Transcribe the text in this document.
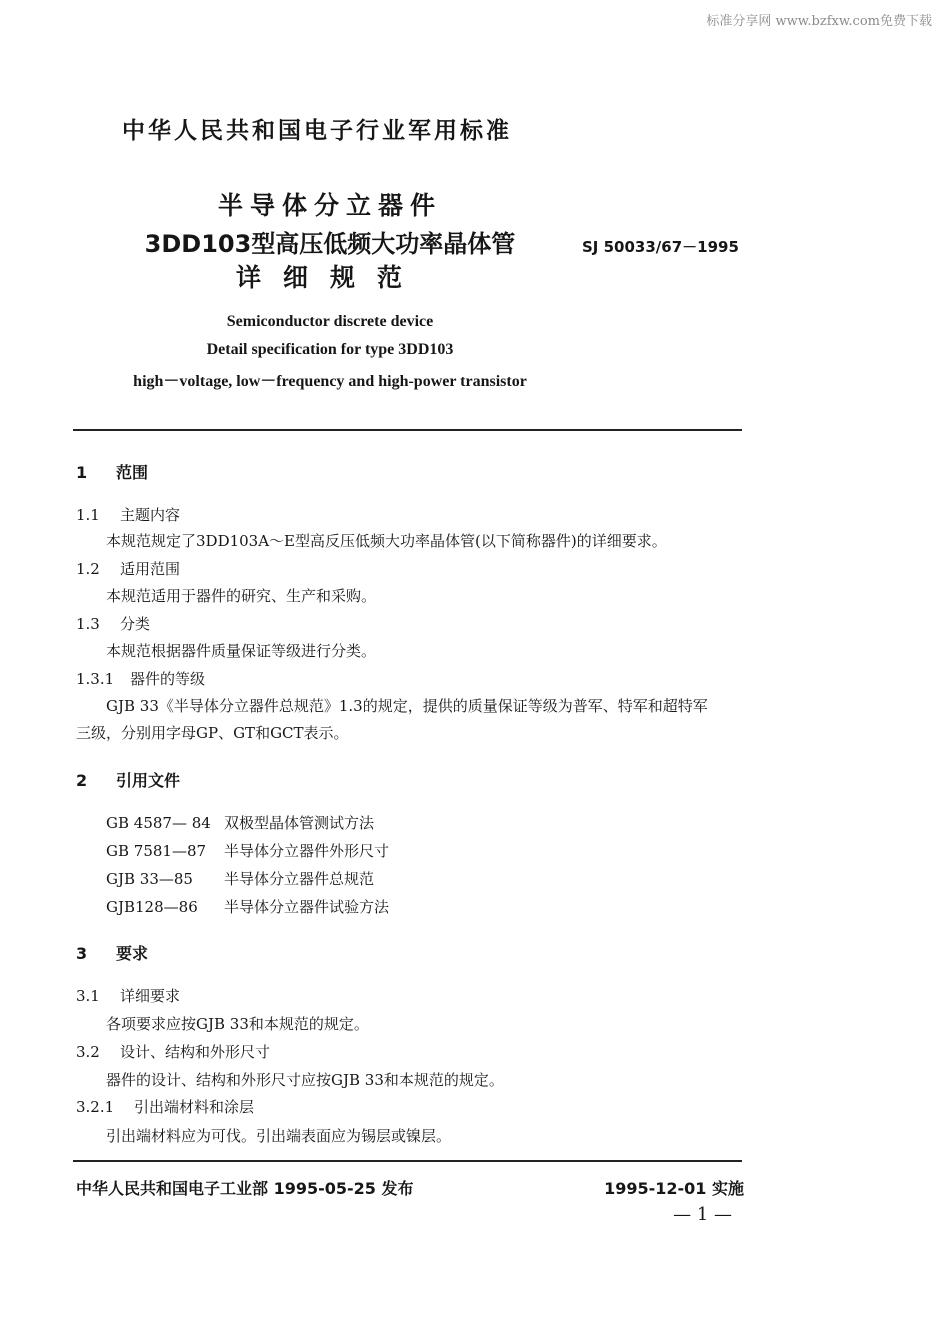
标准分享网 www.bzfxw.com免费下载
中华人民共和国电子行业军用标准
半导体分立器件
3DD103型高压低频大功率晶体管
详细规范
SJ 50033/67－1995
Semiconductor discrete device
Detail specification for type 3DD103
high－voltage, low－frequency and high-power transistor
1 范围
1.1 主题内容
本规范规定了3DD103A～E型高反压低频大功率晶体管(以下简称器件)的详细要求。
1.2 适用范围
本规范适用于器件的研究、生产和采购。
1.3 分类
本规范根据器件质量保证等级进行分类。
1.3.1 器件的等级
GJB 33《半导体分立器件总规范》1.3的规定，提供的质量保证等级为普军、特军和超特军
三级，分别用字母GP、GT和GCT表示。
2 引用文件
GB 4587— 84 双极型晶体管测试方法
GB 7581—87 半导体分立器件外形尺寸
GJB 33—85 半导体分立器件总规范
GJB128—86 半导体分立器件试验方法
3 要求
3.1 详细要求
各项要求应按GJB 33和本规范的规定。
3.2 设计、结构和外形尺寸
器件的设计、结构和外形尺寸应按GJB 33和本规范的规定。
3.2.1 引出端材料和涂层
引出端材料应为可伐。引出端表面应为锡层或镍层。
中华人民共和国电子工业部 1995-05-25 发布	1995-12-01 实施
— 1 —
